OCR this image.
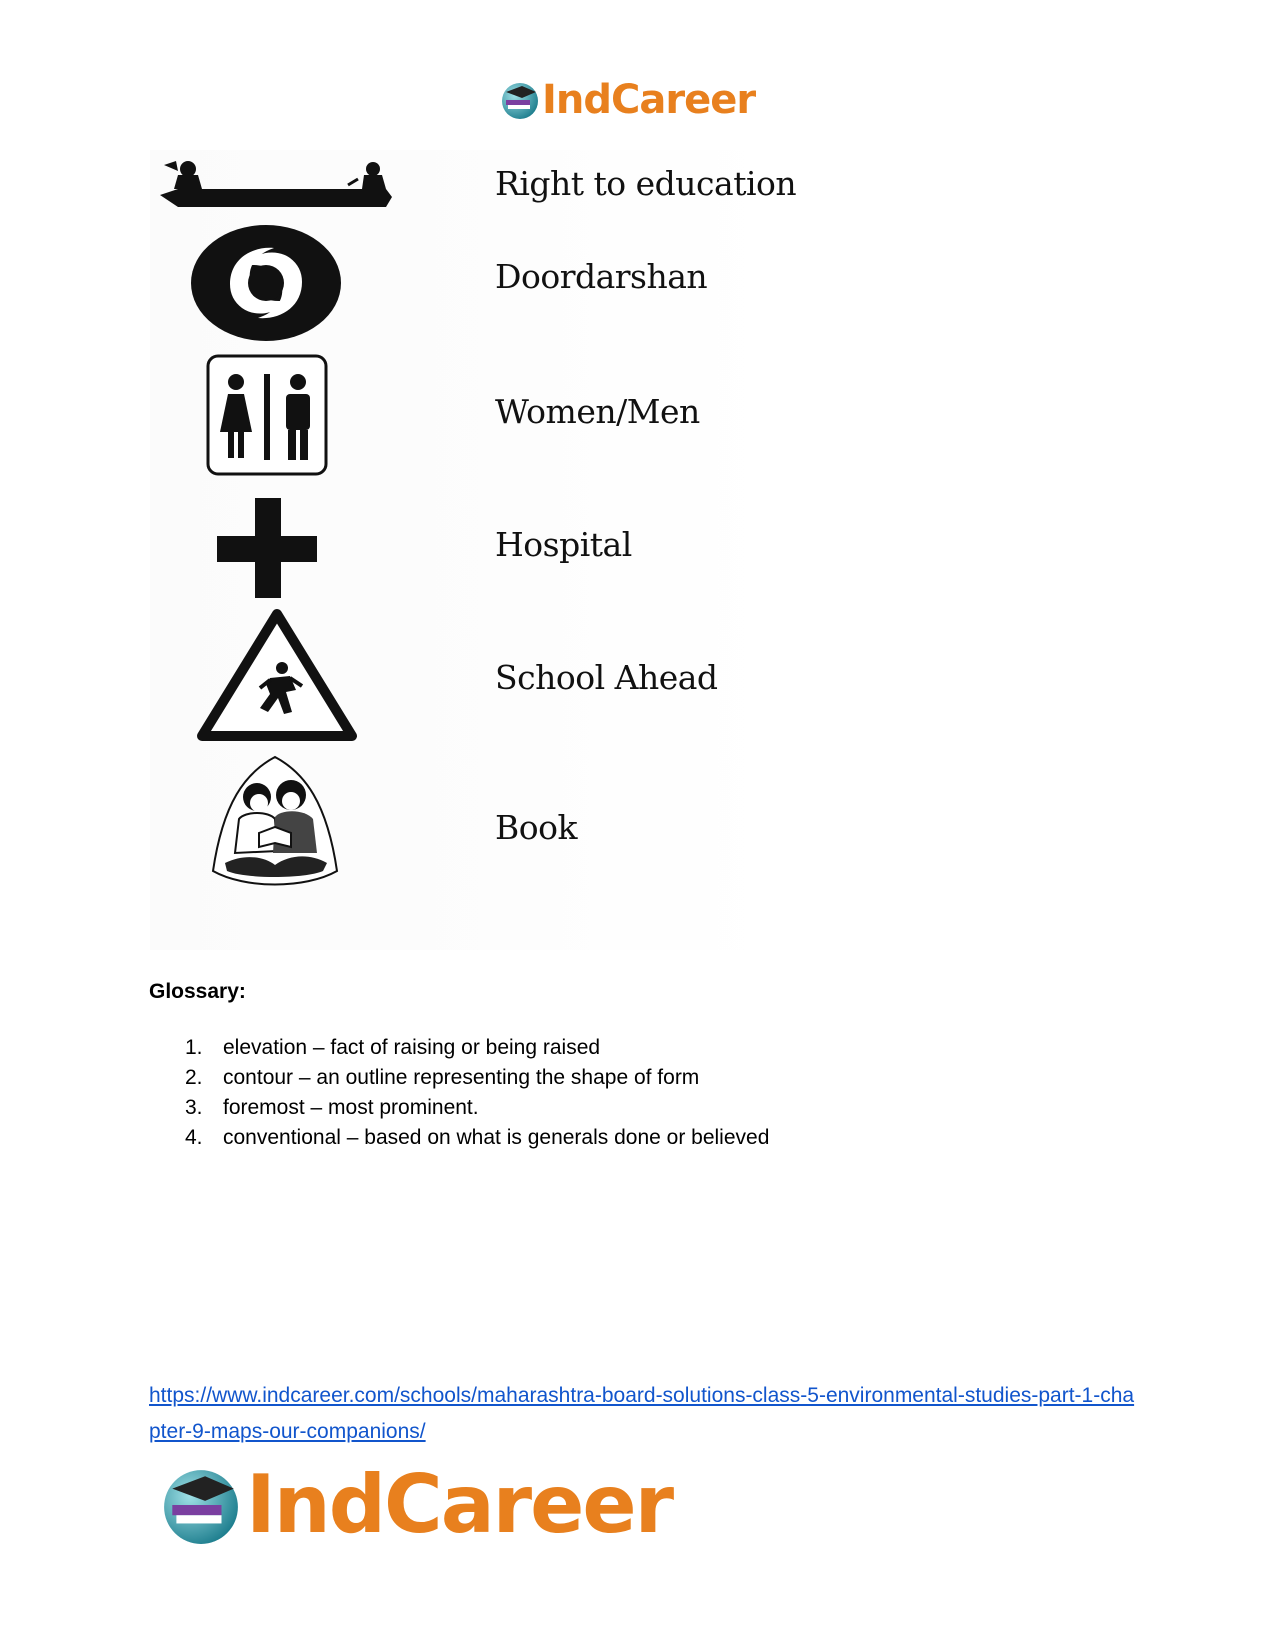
IndCareer
Right to education
Doordarshan
Women/Men
Hospital
School Ahead
Book
Glossary:
1. elevation – fact of raising or being raised
2. contour – an outline representing the shape of form
3. foremost – most prominent.
4. conventional – based on what is generals done or believed
https://www.indcareer.com/schools/maharashtra-board-solutions-class-5-environmental-studies-part-1-chapter-9-maps-our-companions/
IndCareer
